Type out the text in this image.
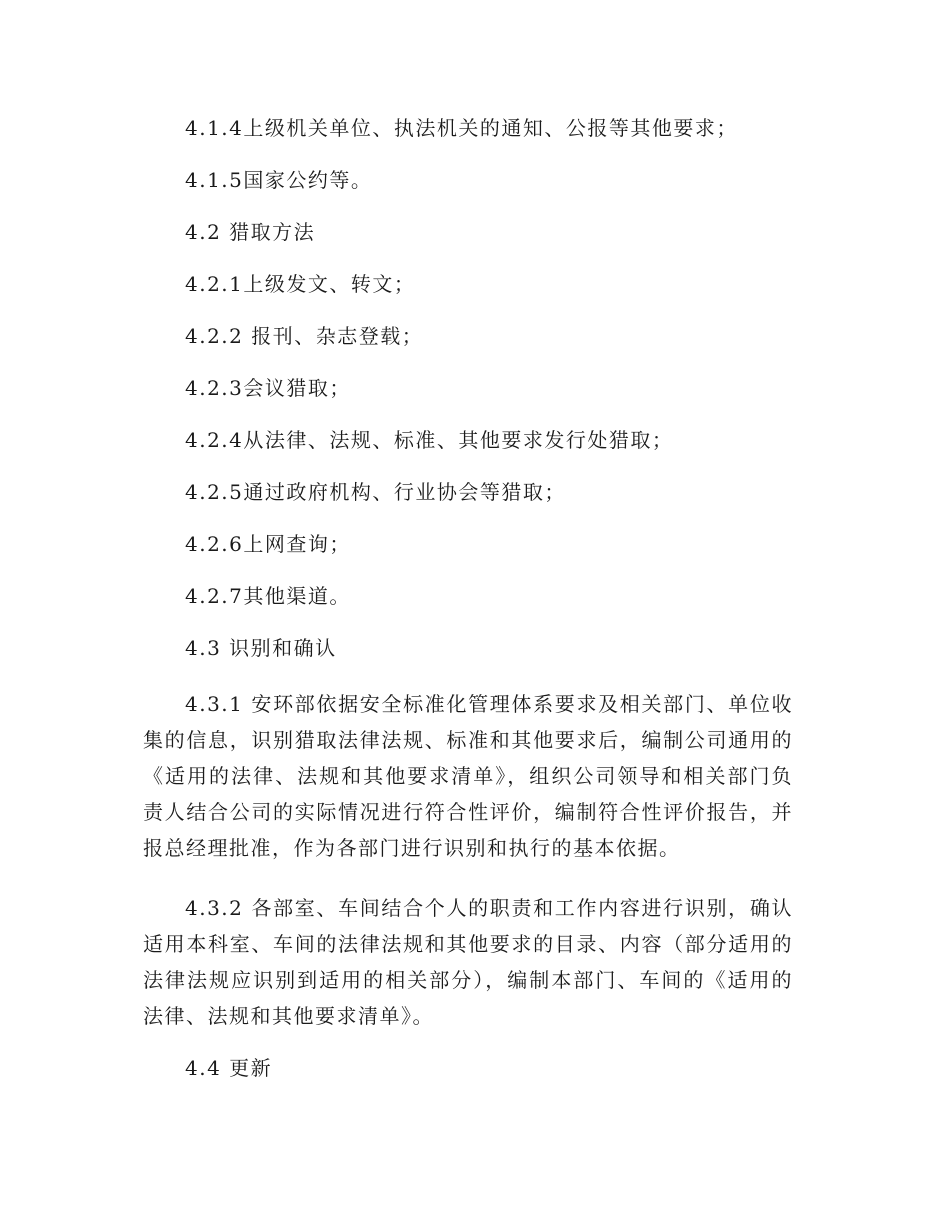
4.1.4上级机关单位、执法机关的通知、公报等其他要求；

4.1.5国家公约等。

4.2 猎取方法

4.2.1上级发文、转文；

4.2.2 报刊、杂志登载；

4.2.3会议猎取；

4.2.4从法律、法规、标准、其他要求发行处猎取；

4.2.5通过政府机构、行业协会等猎取；

4.2.6上网查询；

4.2.7其他渠道。

4.3 识别和确认

4.3.1 安环部依据安全标准化管理体系要求及相关部门、单位收集的信息，识别猎取法律法规、标准和其他要求后，编制公司通用的《适用的法律、法规和其他要求清单》，组织公司领导和相关部门负责人结合公司的实际情况进行符合性评价，编制符合性评价报告，并报总经理批准，作为各部门进行识别和执行的基本依据。

4.3.2 各部室、车间结合个人的职责和工作内容进行识别，确认适用本科室、车间的法律法规和其他要求的目录、内容（部分适用的法律法规应识别到适用的相关部分），编制本部门、车间的《适用的法律、法规和其他要求清单》。

4.4 更新
